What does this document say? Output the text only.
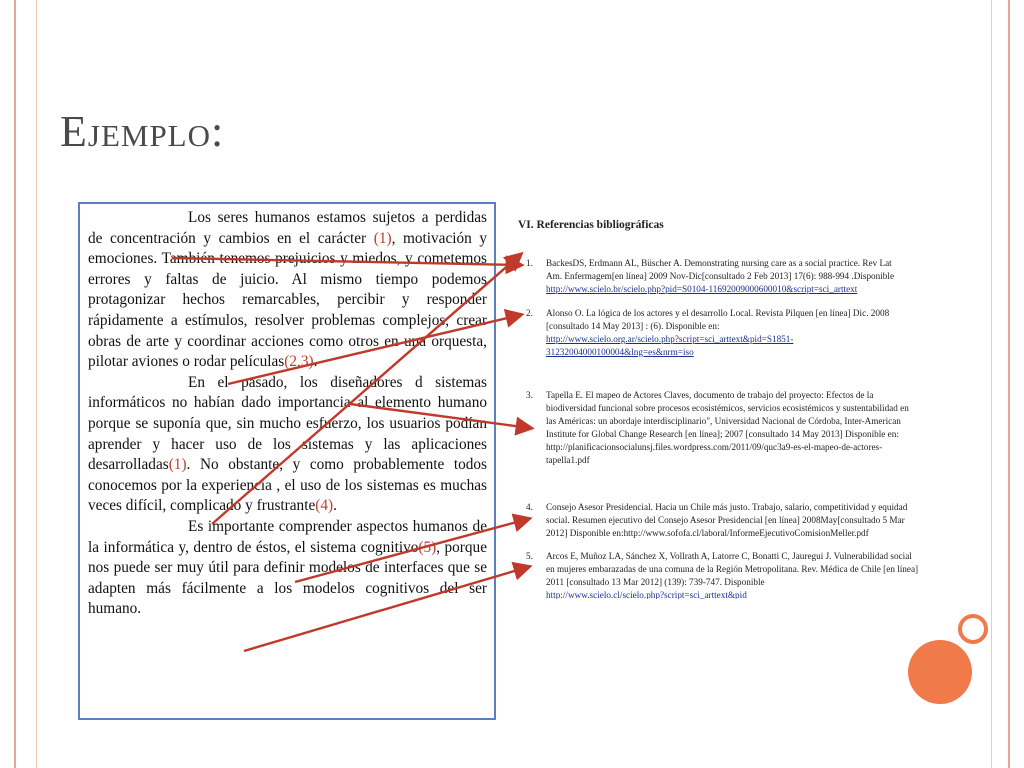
Ejemplo:

Los seres humanos estamos sujetos a perdidas de concentración y cambios en el carácter (1), motivación y emociones. También tenemos prejuicios y miedos, y cometemos errores y faltas de juicio. Al mismo tiempo podemos protagonizar hechos remarcables, percibir y responder rápidamente a estímulos, resolver problemas complejos, crear obras de arte y coordinar acciones como otros en una orquesta, pilotar aviones o rodar películas(2,3).

En el pasado, los diseñadores d sistemas informáticos no habían dado importancia al elemento humano porque se suponía que, sin mucho esfuerzo, los usuarios podían aprender y hacer uso de los sistemas y las aplicaciones desarrolladas(1). No obstante, y como probablemente todos conocemos por la experiencia , el uso de los sistemas es muchas veces difícil, complicado y frustrante(4).

Es importante comprender aspectos humanos de la informática y, dentro de éstos, el sistema cognitivo(5), porque nos puede ser muy útil para definir modelos de interfaces que se adapten más fácilmente a los modelos cognitivos del ser humano.

VI. Referencias bibliográficas
1. BackesDS, Erdmann AL, Büscher A. Demonstrating nursing care as a social practice. Rev Lat
Am. Enfermagem[en línea] 2009 Nov-Dic[consultado 2 Feb 2013] 17(6): 988-994 .Disponible
http://www.scielo.br/scielo.php?pid=S0104-11692009000600010&script=sci_arttext
2. Alonso O. La lógica de los actores y el desarrollo Local. Revista Pilquen [en línea] Dic. 2008
[consultado 14 May 2013] : (6). Disponible en:
http://www.scielo.org.ar/scielo.php?script=sci_arttext&pid=S1851-
31232004000100004&lng=es&nrm=iso
3. Tapella E. El mapeo de Actores Claves, documento de trabajo del proyecto: Efectos de la
biodiversidad funcional sobre procesos ecosistémicos, servicios ecosistémicos y sustentabilidad en
las Américas: un abordaje interdisciplinario", Universidad Nacional de Córdoba, Inter-American
Institute for Global Change Research [en línea]; 2007 [consultado 14 May 2013] Disponible en:
http://planificacionsocialunsj.files.wordpress.com/2011/09/quc3a9-es-el-mapeo-de-actores-
tapella1.pdf
4. Consejo Asesor Presidencial. Hacia un Chile más justo. Trabajo, salario, competitividad y equidad
social. Resumen ejecutivo del Consejo Asesor Presidencial [en línea] 2008May[consultado 5 Mar
2012] Disponible en:http://www.sofofa.cl/laboral/InformeEjecutivoComisionMeller.pdf
5. Arcos E, Muñoz LA, Sánchez X, Vollrath A, Latorre C, Bonatti C, Jauregui J. Vulnerabilidad social
en mujeres embarazadas de una comuna de la Región Metropolitana. Rev. Médica de Chile [en línea]
2011 [consultado 13 Mar 2012] (139): 739-747. Disponible
http://www.scielo.cl/scielo.php?script=sci_arttext&pid
